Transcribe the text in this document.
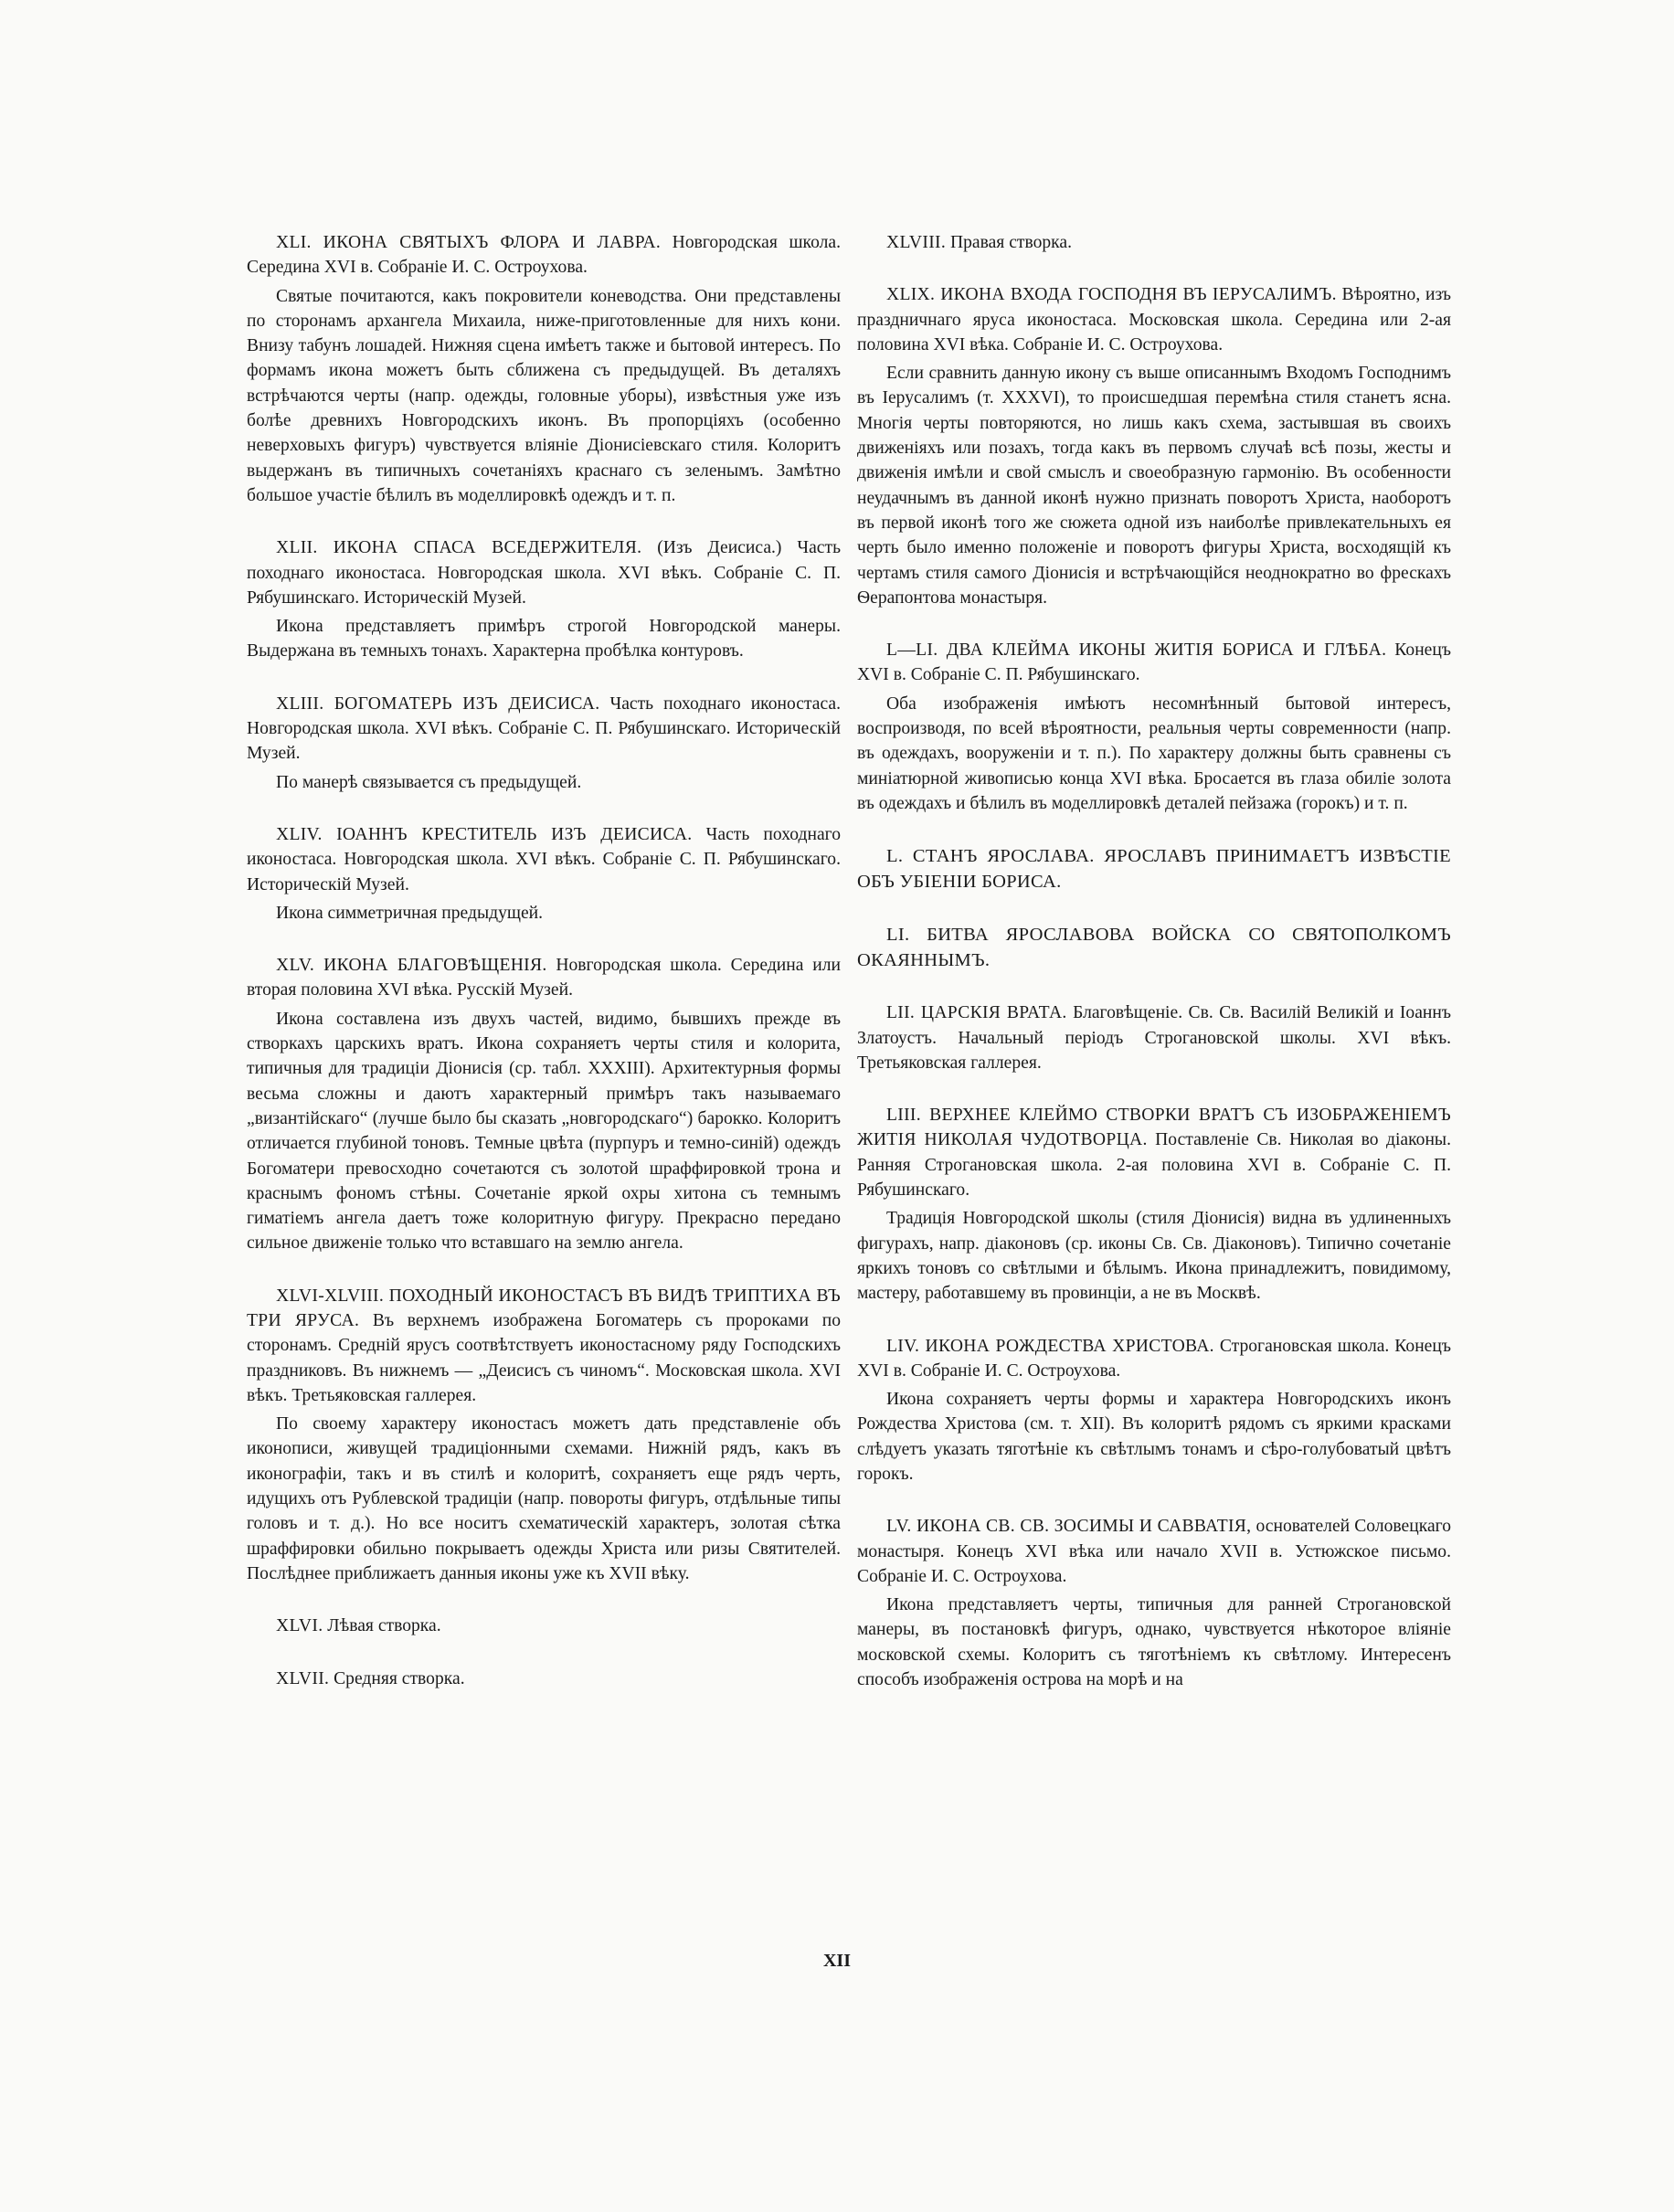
XLI. ИКОНА СВЯТЫХЪ ФЛОРА И ЛАВРА. Новгородская школа. Середина XVI в. Собранiе И. С. Остроухова.

Святые почитаются, какъ покровители коневодства. Они представлены по сторонамъ архангела Михаила, ниже-приготовленные для нихъ кони. Внизу табунъ лошадей. Нижняя сцена имѣетъ также и бытовой интересъ. По формамъ икона можетъ быть сближена съ предыдущей. Въ деталяхъ встрѣчаются черты (напр. одежды, головные уборы), извѣстныя уже изъ болѣе древнихъ Новгородскихъ иконъ. Въ пропорцiяхъ (особенно неверховыхъ фигуръ) чувствуется влiянiе Дiонисiевскаго стиля. Колоритъ выдержанъ въ типичныхъ сочетанiяхъ краснаго съ зеленымъ. Замѣтно большое участiе бѣлилъ въ моделлировкѣ одеждъ и т. п.

XLII. ИКОНА СПАСА ВСЕДЕРЖИТЕЛЯ. (Изъ Деисиса.) Часть походнаго иконостаса. Новгородская школа. XVI вѣкъ. Собранiе С. П. Рябушинскаго. Историческiй Музей.

Икона представляетъ примѣръ строгой Новгородской манеры. Выдержана въ темныхъ тонахъ. Характерна пробѣлка контуровъ.

XLIII. БОГОМАТЕРЬ ИЗЪ ДЕИСИСА. Часть походнаго иконостаса. Новгородская школа. XVI вѣкъ. Собранiе С. П. Рябушинскаго. Историческiй Музей.

По манерѣ связывается съ предыдущей.

XLIV. IОАННЪ КРЕСТИТЕЛЬ ИЗЪ ДЕИСИСА. Часть походнаго иконостаса. Новгородская школа. XVI вѣкъ. Собранiе С. П. Рябушинскаго. Историческiй Музей.

Икона симметричная предыдущей.

XLV. ИКОНА БЛАГОВѢЩЕНIЯ. Новгородская школа. Середина или вторая половина XVI вѣка. Русскiй Музей.

Икона составлена изъ двухъ частей, видимо, бывшихъ прежде въ створкахъ царскихъ вратъ. Икона сохраняетъ черты стиля и колорита, типичныя для традицiи Дiонисiя (ср. табл. XXXIII). Архитектурныя формы весьма сложны и даютъ характерный примѣръ такъ называемаго „византiйскаго“ (лучше было бы сказать „новгородскаго“) барокко. Колоритъ отличается глубиной тоновъ. Темные цвѣта (пурпуръ и темно-синiй) одеждъ Богоматери превосходно сочетаются съ золотой шраффировкой трона и краснымъ фономъ стѣны. Сочетанiе яркой охры хитона съ темнымъ гиматiемъ ангела даетъ тоже колоритную фигуру. Прекрасно передано сильное движенiе только что вставшаго на землю ангела.

XLVI-XLVIII. ПОХОДНЫЙ ИКОНОСТАСЪ ВЪ ВИДѢ ТРИПТИХА ВЪ ТРИ ЯРУСА. Въ верхнемъ изображена Богоматерь съ пророками по сторонамъ. Среднiй ярусъ соотвѣтствуетъ иконостасному ряду Господскихъ праздниковъ. Въ нижнемъ — „Деисисъ съ чиномъ“. Московская школа. XVI вѣкъ. Третьяковская галлерея.

По своему характеру иконостасъ можетъ дать представленiе объ иконописи, живущей традицiонными схемами. Нижнiй рядъ, какъ въ иконографiи, такъ и въ стилѣ и колоритѣ, сохраняетъ еще рядъ черть, идущихъ отъ Рублевской традицiи (напр. повороты фигуръ, отдѣльные типы головъ и т. д.). Но все носитъ схематическiй характеръ, золотая сѣтка шраффировки обильно покрываетъ одежды Христа или ризы Святителей. Послѣднее приближаетъ данныя иконы уже къ XVII вѣку.

XLVI. Лѣвая створка.

XLVII. Средняя створка.

XLVIII. Правая створка.

XLIX. ИКОНА ВХОДА ГОСПОДНЯ ВЪ IЕРУСАЛИМЪ. Вѣроятно, изъ праздничнаго яруса иконостаса. Московская школа. Середина или 2-ая половина XVI вѣка. Собранiе И. С. Остроухова.

Если сравнить данную икону съ выше описаннымъ Входомъ Господнимъ въ Iерусалимъ (т. XXXVI), то происшедшая перемѣна стиля станетъ ясна. Многiя черты повторяются, но лишь какъ схема, застывшая въ своихъ движенiяхъ или позахъ, тогда какъ въ первомъ случаѣ всѣ позы, жесты и движенiя имѣли и свой смыслъ и своеобразную гармонiю. Въ особенности неудачнымъ въ данной иконѣ нужно признать поворотъ Христа, наоборотъ въ первой иконѣ того же сюжета одной изъ наиболѣе привлекательныхъ ея черть было именно положенiе и поворотъ фигуры Христа, восходящiй къ чертамъ стиля самого Дiонисiя и встрѣчающiйся неоднократно во фрескахъ Ѳерапонтова монастыря.

L—LI. ДВА КЛЕЙМА ИКОНЫ ЖИТIЯ БОРИСА И ГЛѢБА. Конецъ XVI в. Собранiе С. П. Рябушинскаго.

Оба изображенiя имѣютъ несомнѣнный бытовой интересъ, воспроизводя, по всей вѣроятности, реальныя черты современности (напр. въ одеждахъ, вооруженiи и т. п.). По характеру должны быть сравнены съ миніатюрной живописью конца XVI вѣка. Бросается въ глаза обилiе золота въ одеждахъ и бѣлилъ въ моделлировкѣ деталей пейзажа (горокъ) и т. п.

L. СТАНЪ ЯРОСЛАВА. ЯРОСЛАВЪ ПРИНИМАЕТЪ ИЗВѢСТIЕ ОБЪ УБIЕНIИ БОРИСА.

LI. БИТВА ЯРОСЛАВОВА ВОЙСКА СО СВЯТОПОЛКОМЪ ОКАЯННЫМЪ.

LII. ЦАРСКIЯ ВРАТА. Благовѣщенiе. Св. Св. Василiй Великiй и Iоаннъ Златоустъ. Начальный перiодъ Строгановской школы. XVI вѣкъ. Третьяковская галлерея.

LIII. ВЕРХНЕЕ КЛЕЙМО СТВОРКИ ВРАТЪ СЪ ИЗОБРАЖЕНIЕМЪ ЖИТIЯ НИКОЛАЯ ЧУДОТВОРЦА. Поставленiе Св. Николая во дiаконы. Ранняя Строгановская школа. 2-ая половина XVI в. Собранiе С. П. Рябушинскаго.

Традицiя Новгородской школы (стиля Дiонисiя) видна въ удлиненныхъ фигурахъ, напр. дiаконовъ (ср. иконы Св. Св. Дiаконовъ). Типично сочетанiе яркихъ тоновъ со свѣтлыми и бѣлымъ. Икона принадлежитъ, повидимому, мастеру, работавшему въ провинцiи, а не въ Москвѣ.

LIV. ИКОНА РОЖДЕСТВА ХРИСТОВА. Строгановская школа. Конецъ XVI в. Собранiе И. С. Остроухова.

Икона сохраняетъ черты формы и характера Новгородскихъ иконъ Рождества Христова (см. т. XII). Въ колоритѣ рядомъ съ яркими красками слѣдуетъ указать тяготѣнiе къ свѣтлымъ тонамъ и сѣро-голубоватый цвѣтъ горокъ.

LV. ИКОНА СВ. СВ. ЗОСИМЫ И САВВАТIЯ, основателей Соловецкаго монастыря. Конецъ XVI вѣка или начало XVII в. Устюжское письмо. Собранiе И. С. Остроухова.

Икона представляетъ черты, типичныя для ранней Строгановской манеры, въ постановкѣ фигуръ, однако, чувствуется нѣкоторое влiянiе московской схемы. Колоритъ съ тяготѣнiемъ къ свѣтлому. Интересенъ способъ изображенiя острова на морѣ и на

XII
